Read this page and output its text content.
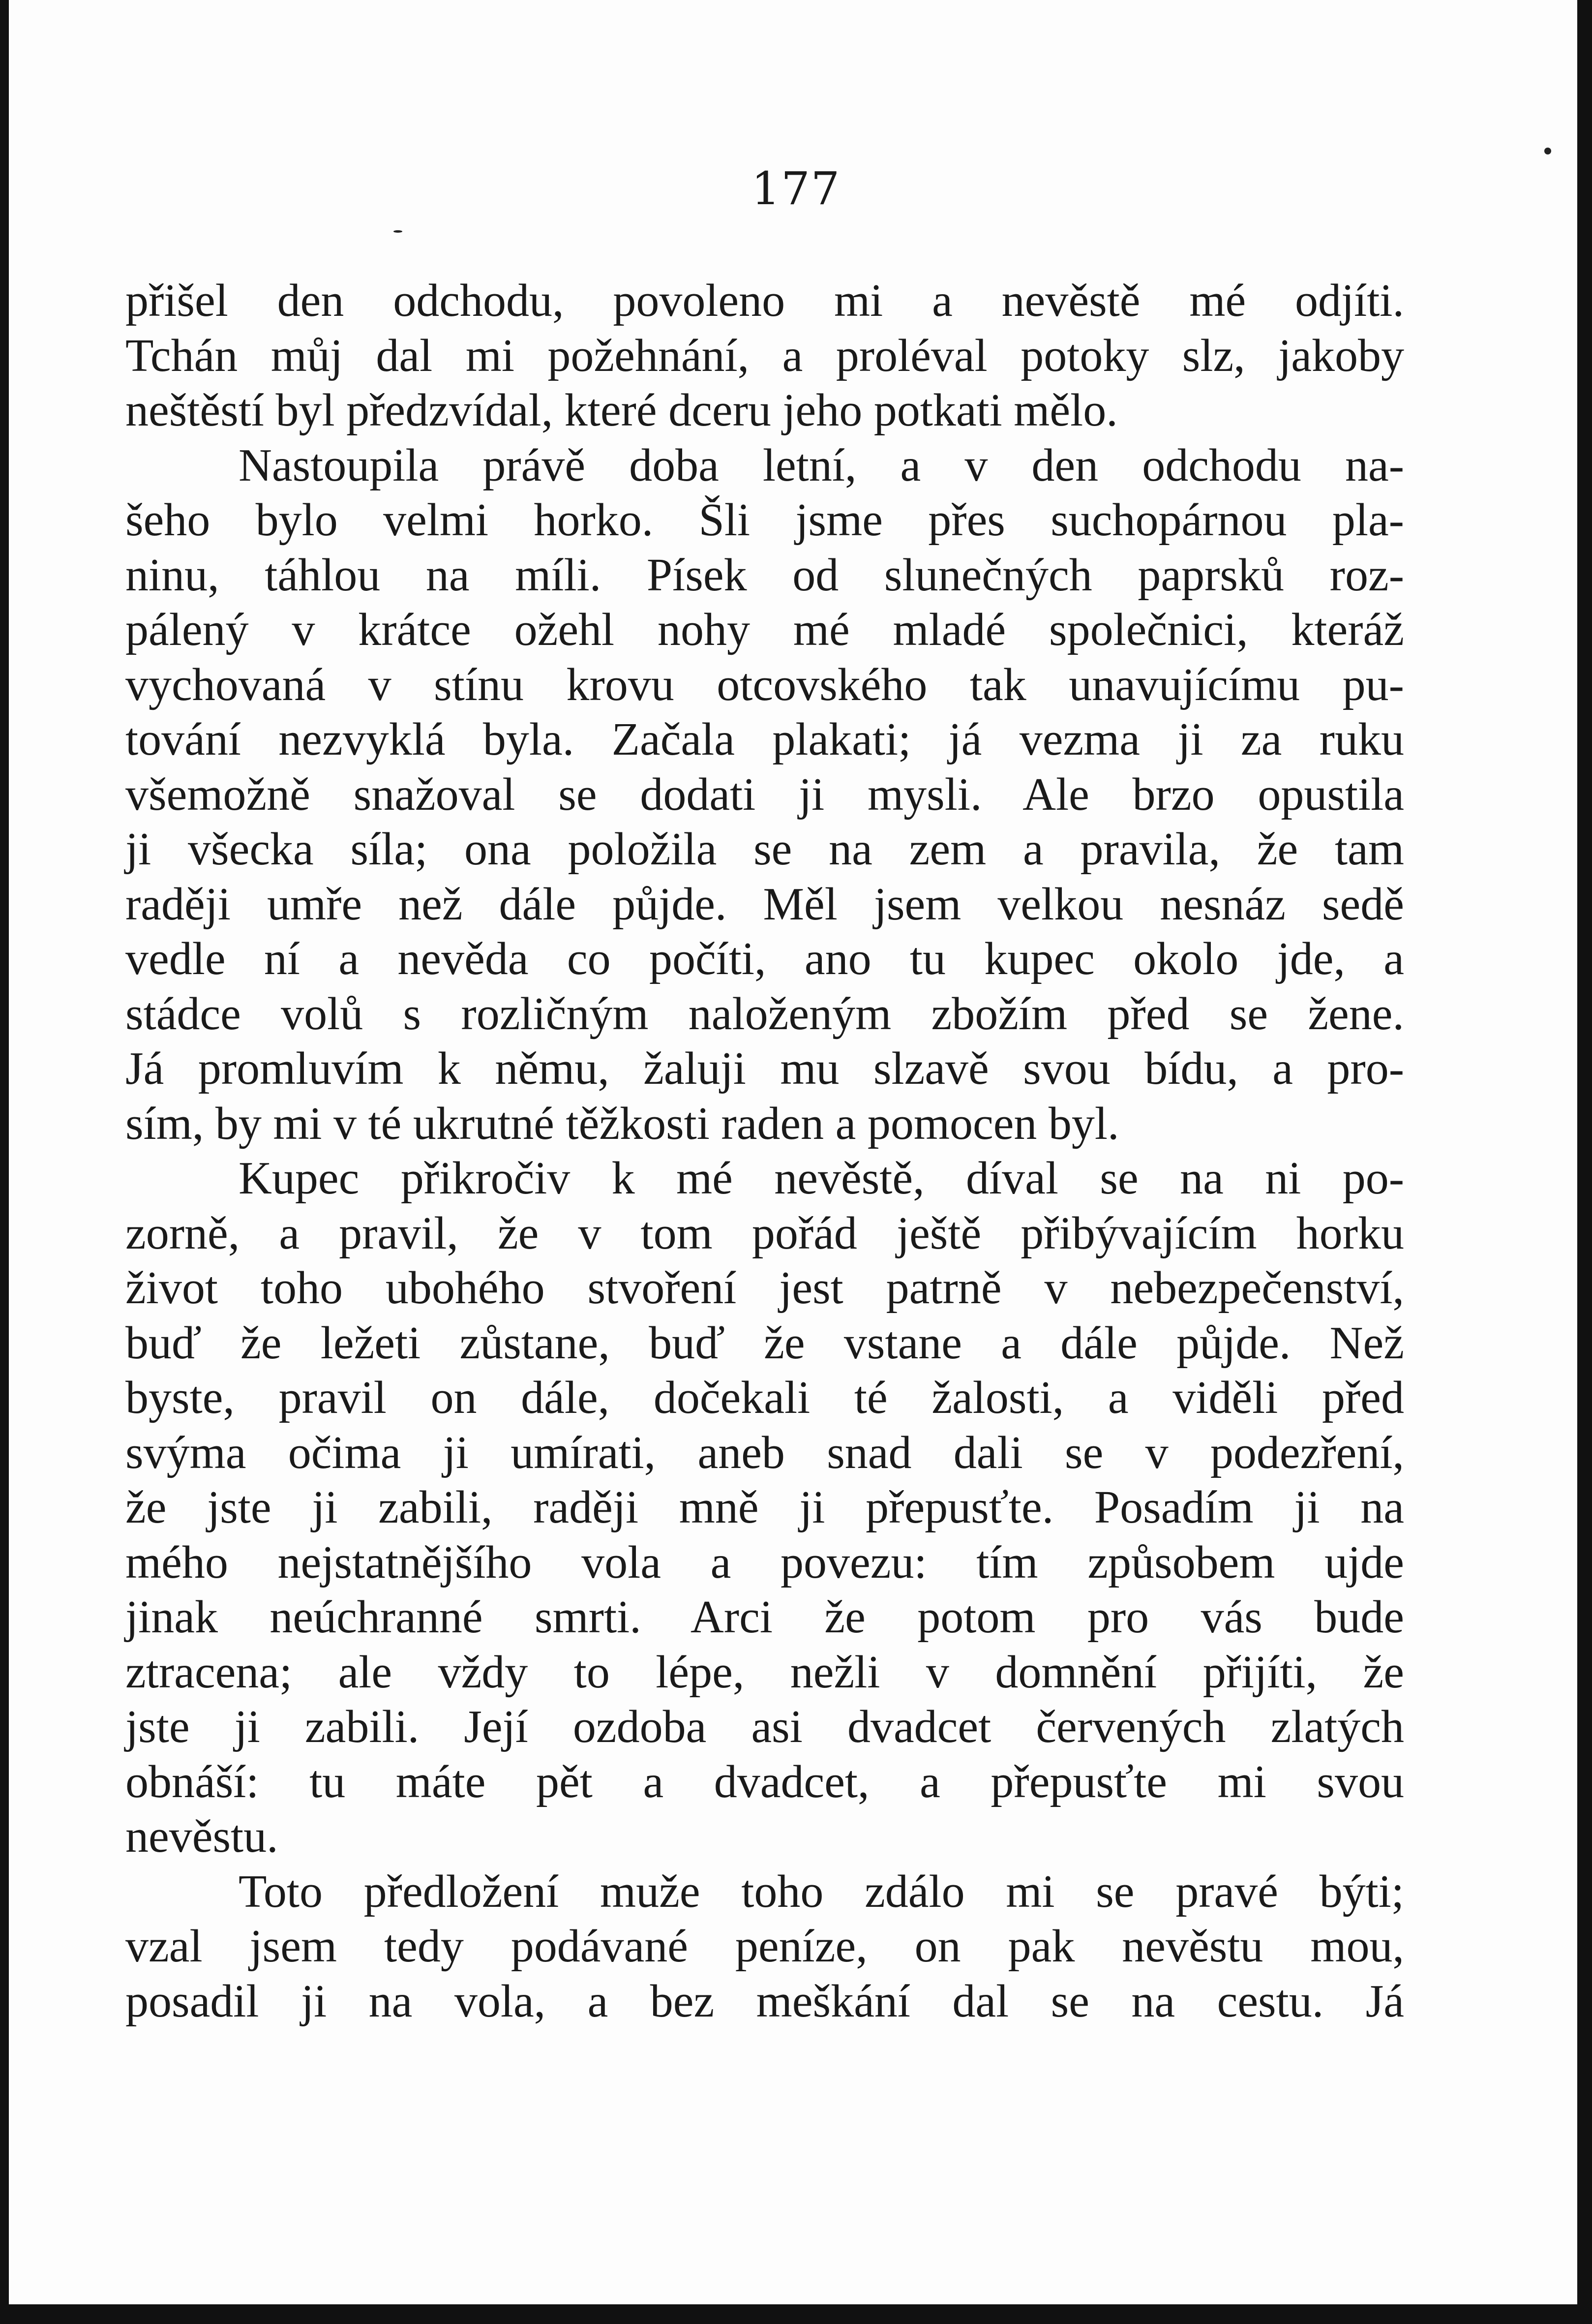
177
přišel den odchodu, povoleno mi a nevěstě mé odjíti.
Tchán můj dal mi požehnání, a proléval potoky slz, jakoby
neštěstí byl předzvídal, které dceru jeho potkati mělo.
Nastoupila právě doba letní, a v den odchodu na-
šeho bylo velmi horko. Šli jsme přes suchopárnou pla-
ninu, táhlou na míli. Písek od slunečných paprsků roz-
pálený v krátce ožehl nohy mé mladé společnici, kteráž
vychovaná v stínu krovu otcovského tak unavujícímu pu-
tování nezvyklá byla. Začala plakati; já vezma ji za ruku
všemožně snažoval se dodati ji mysli. Ale brzo opustila
ji všecka síla; ona položila se na zem a pravila, že tam
raději umře než dále půjde. Měl jsem velkou nesnáz sedě
vedle ní a nevěda co počíti, ano tu kupec okolo jde, a
stádce volů s rozličným naloženým zbožím před se žene.
Já promluvím k němu, žaluji mu slzavě svou bídu, a pro-
sím, by mi v té ukrutné těžkosti raden a pomocen byl.
Kupec přikročiv k mé nevěstě, díval se na ni po-
zorně, a pravil, že v tom pořád ještě přibývajícím horku
život toho ubohého stvoření jest patrně v nebezpečenství,
buď že ležeti zůstane, buď že vstane a dále půjde. Než
byste, pravil on dále, dočekali té žalosti, a viděli před
svýma očima ji umírati, aneb snad dali se v podezření,
že jste ji zabili, raději mně ji přepusťte. Posadím ji na
mého nejstatnějšího vola a povezu: tím způsobem ujde
jinak neúchranné smrti. Arci že potom pro vás bude
ztracena; ale vždy to lépe, nežli v domnění přijíti, že
jste ji zabili. Její ozdoba asi dvadcet červených zlatých
obnáší: tu máte pět a dvadcet, a přepusťte mi svou
nevěstu.
Toto předložení muže toho zdálo mi se pravé býti;
vzal jsem tedy podávané peníze, on pak nevěstu mou,
posadil ji na vola, a bez meškání dal se na cestu. Já
